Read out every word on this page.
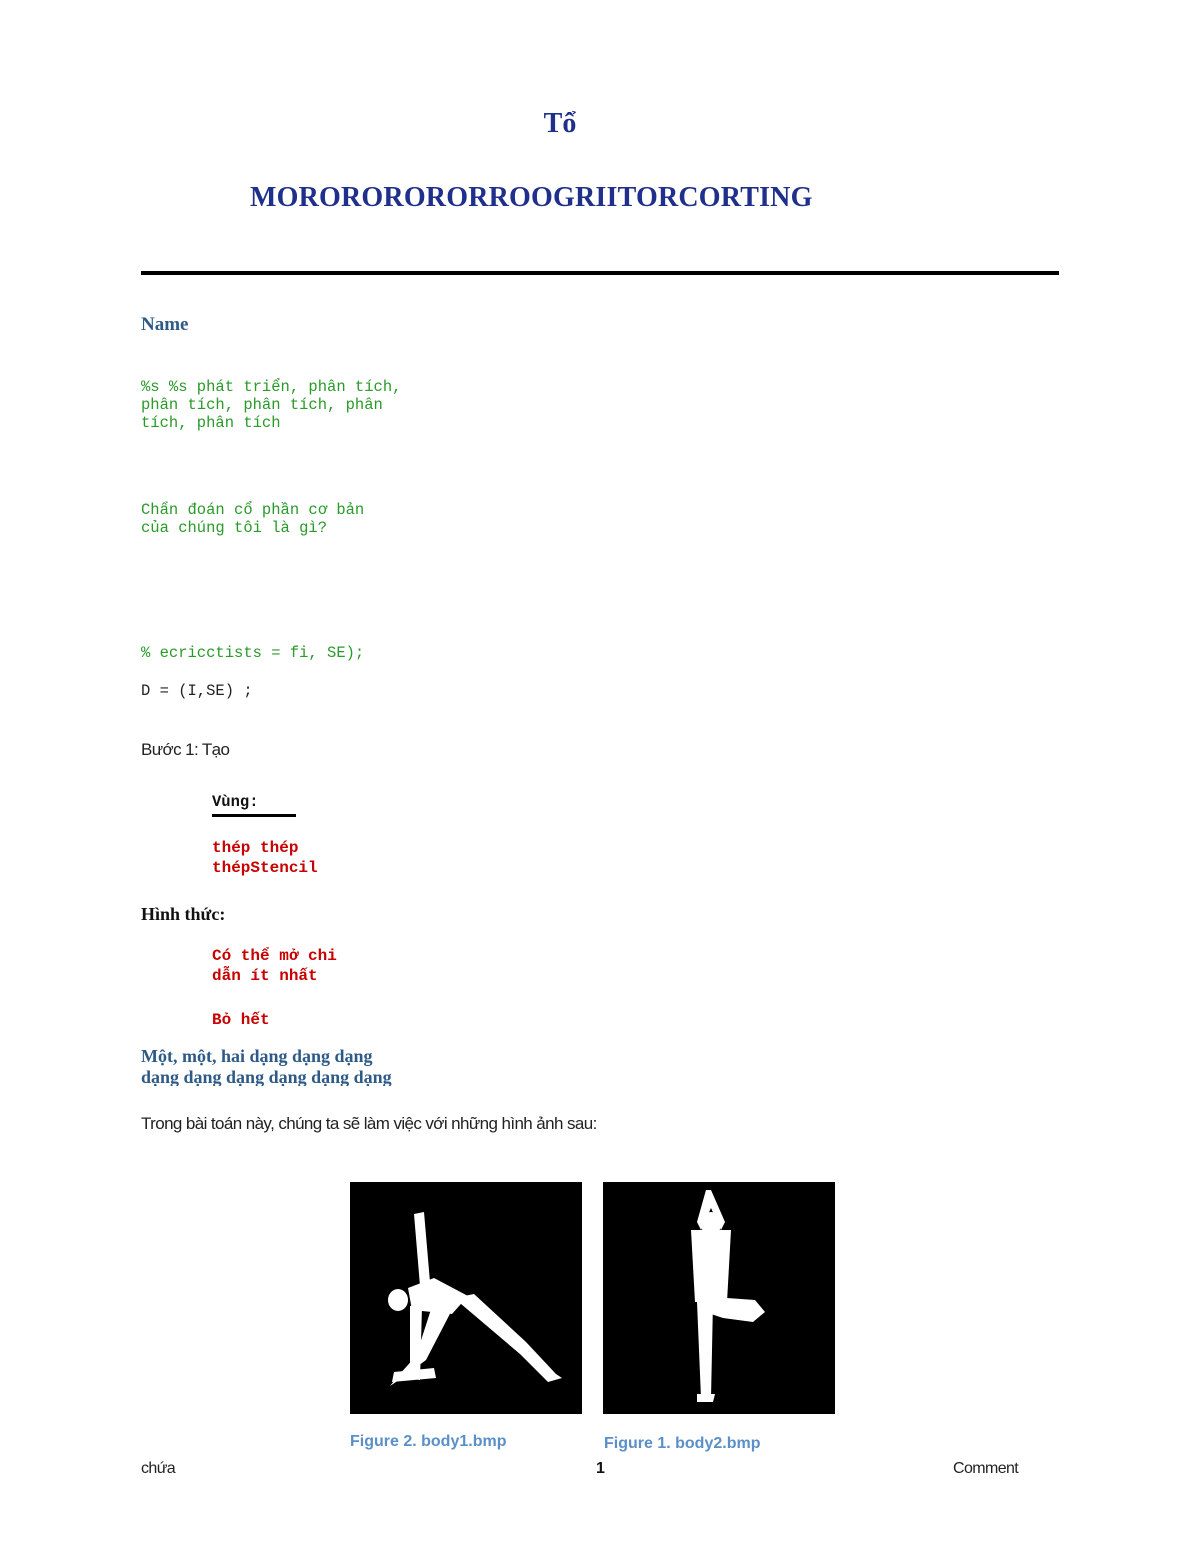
Tổ
MORORORORORROOGRIITORCORTING
Name
%s %s phát triển, phân tích,
phân tích, phân tích, phân
tích, phân tích
Chẩn đoán cổ phần cơ bản
của chúng tôi là gì?
% ecricctists = fi, SE);
D = (I,SE) ;
Bước 1: Tạo
Vùng:
thép thép
thépStencil
Hình thức:
Có thể mở chi
dẫn ít nhất
Bỏ hết
Một, một, hai dạng dạng dạng dạng dạng dạng dạng dạng dạng
Trong bài toán này, chúng ta sẽ làm việc với những hình ảnh sau:
Figure 2. body1.bmp	Figure 1. body2.bmp
chứa	1	Comment
